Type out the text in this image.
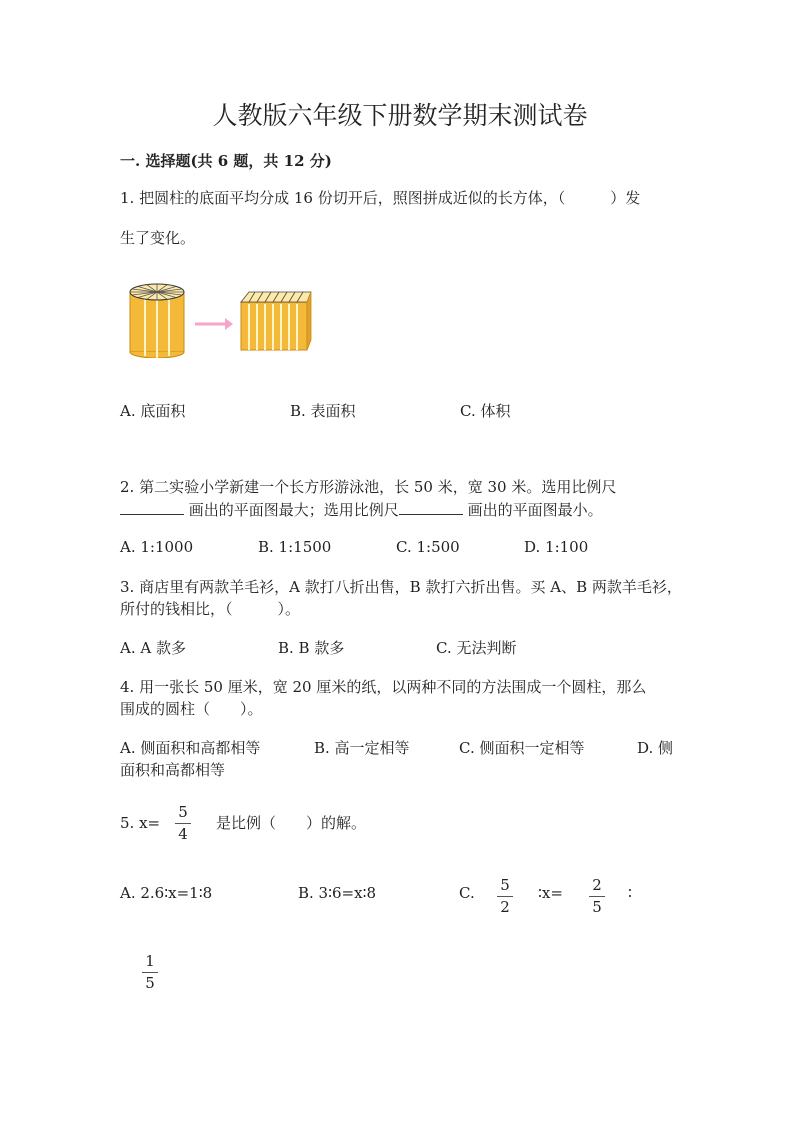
人教版六年级下册数学期末测试卷
一. 选择题(共 6 题，共 12 分)
1. 把圆柱的底面平均分成 16 份切开后，照图拼成近似的长方体，（　　　）发
生了变化。
A. 底面积	B. 表面积	C. 体积
2. 第二实验小学新建一个长方形游泳池，长 50 米，宽 30 米。选用比例尺
画出的平面图最大；选用比例尺	画出的平面图最小。
A. 1:1000	B. 1:1500	C. 1:500	D. 1:100
3. 商店里有两款羊毛衫，A 款打八折出售，B 款打六折出售。买 A、B 两款羊毛衫，
所付的钱相比，（　　　）。
A. A 款多	B. B 款多	C. 无法判断
4. 用一张长 50 厘米，宽 20 厘米的纸，以两种不同的方法围成一个圆柱，那么
围成的圆柱（　　）。
A. 侧面积和高都相等	B. 高一定相等	C. 侧面积一定相等	D. 侧
面积和高都相等
5. x=
5
4
是比例（　　）的解。
A. 2.6∶x=1∶8	B. 3∶6=x∶8	C.	5
2
∶x=	2
5
∶
1
5
